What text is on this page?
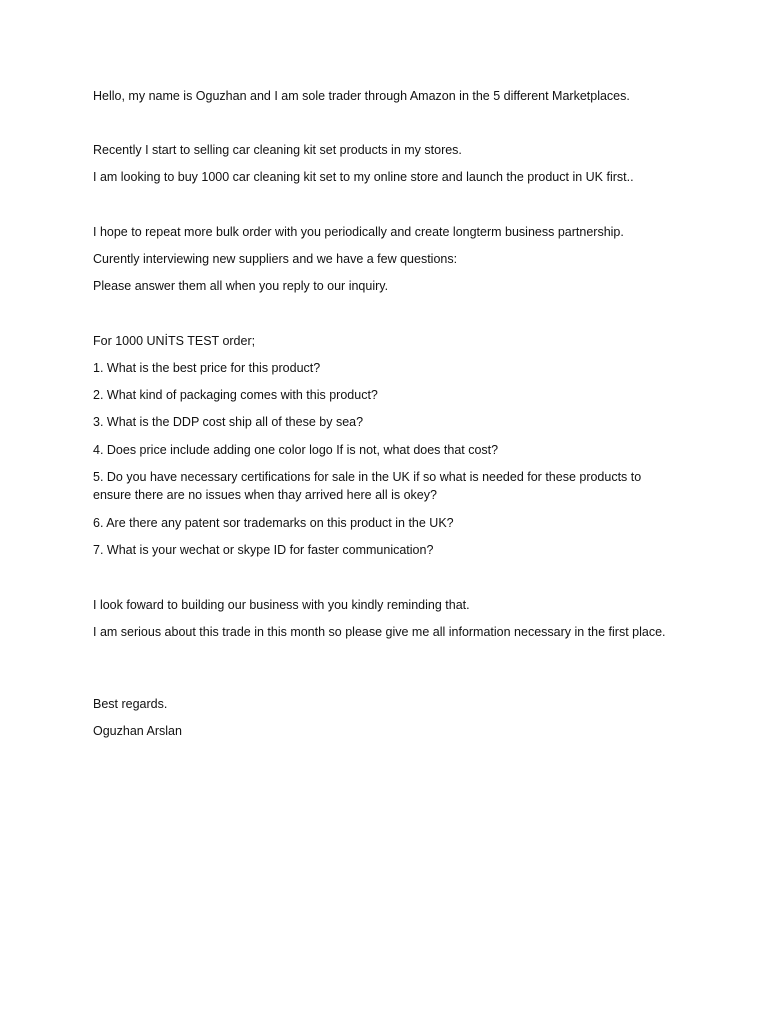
Hello, my name is Oguzhan and I am sole trader through Amazon in the 5 different Marketplaces.
Recently I start to selling car cleaning kit set products in my stores.
I am looking to buy 1000 car cleaning kit set to my online store and launch the product in UK first..
I hope to repeat more bulk order with you periodically and create longterm business partnership.
Curently interviewing new suppliers and we have a few questions:
Please answer them all when you reply to our inquiry.
For 1000 UNİTS TEST order;
1. What is the best price for this product?
2. What kind of packaging comes with this product?
3. What is the DDP cost ship all of these by sea?
4. Does price include adding one color logo If is not, what does that cost?
5. Do you have necessary certifications for sale in the UK if so what is needed for these products to ensure there are no issues when thay arrived here all is okey?
6. Are there any patent sor trademarks on this product in the UK?
7. What is your wechat or skype ID for faster communication?
I look foward to building our business with you kindly reminding that.
I am serious about this trade in this month so please give me all information necessary in the first place.
Best regards.
Oguzhan Arslan
